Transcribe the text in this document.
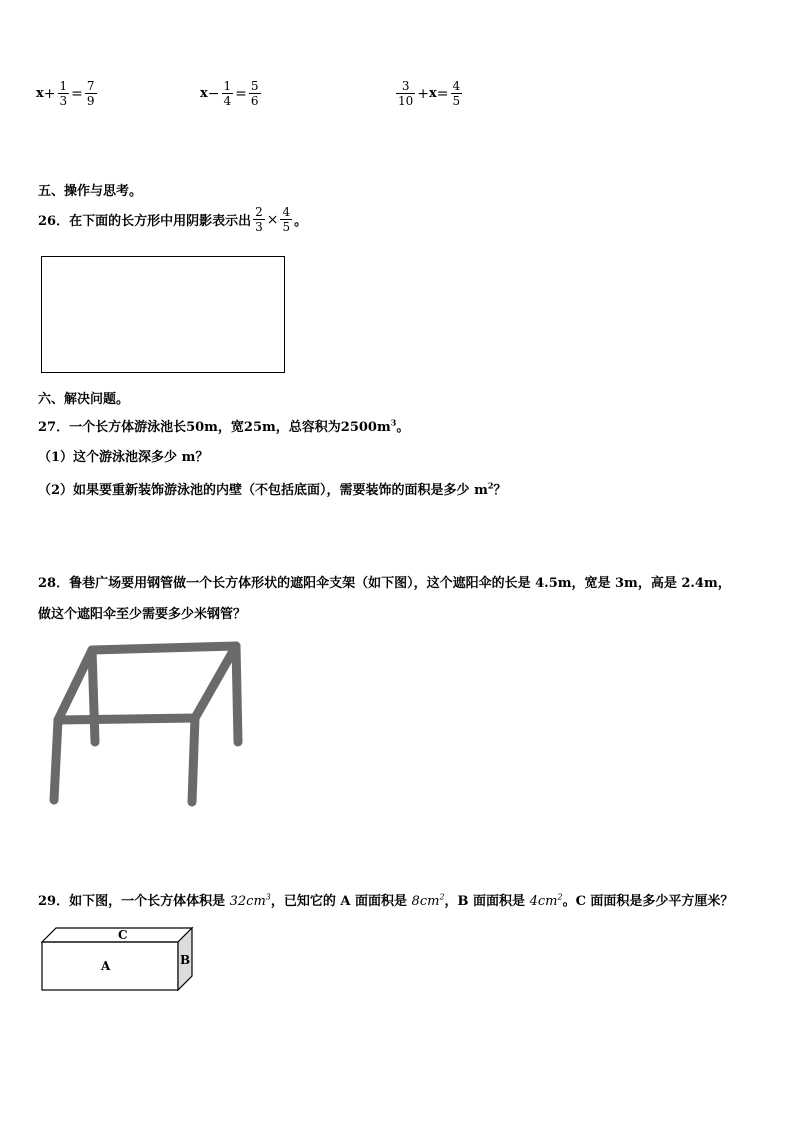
$x + \frac{1}{3} = \frac{7}{9}$	$x - \frac{1}{4} = \frac{5}{6}$	$\frac{3}{10} + x = \frac{4}{5}$
五、操作与思考。
26．在下面的长方形中用阴影表示出 $\frac{2}{3} \times \frac{4}{5}$ 。
六、解决问题。
27．一个长方体游泳池长50m，宽25m，总容积为$2500m^3$。
（1）这个游泳池深多少 m？
（2）如果要重新装饰游泳池的内壁（不包括底面），需要装饰的面积是多少 $m^2$？
28．鲁巷广场要用钢管做一个长方体形状的遮阳伞支架（如下图），这个遮阳伞的长是 4.5m，宽是 3m，高是 2.4m，
做这个遮阳伞至少需要多少米钢管？
29．如下图，一个长方体体积是 $32cm^3$，已知它的 A 面面积是 $8cm^2$，B 面面积是 $4cm^2$。C 面面积是多少平方厘米？
A	B
C
